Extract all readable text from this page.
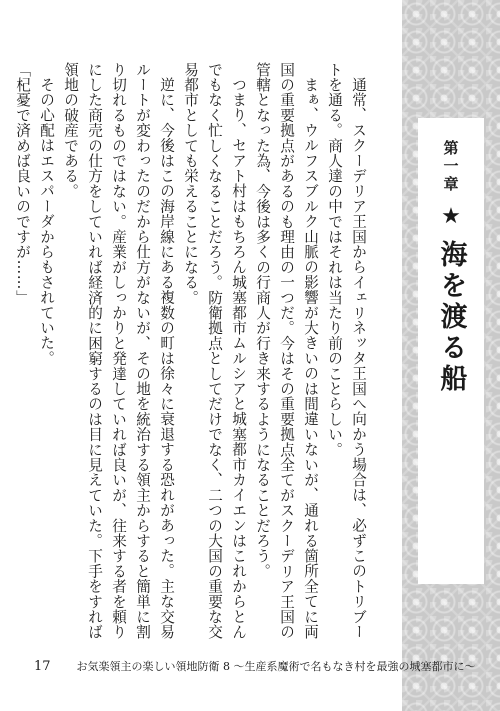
通常、スクーデリア王国からイェリネッタ王国へ向かう場合は、必ずこのトリブートを通る。商人達の中ではそれは当たり前のことらしい。

まぁ、ウルフスブルク山脈の影響が大きいのは間違いないが、通れる箇所全てに両国の重要拠点があるのも理由の一つだ。今はその重要拠点全てがスクーデリア王国の管轄となった為、今後は多くの行商人が行き来するようになることだろう。

つまり、セアト村はもちろん城塞都市ムルシアと城塞都市カイエンはこれからとんでもなく忙しくなることだろう。防衛拠点としてだけでなく、二つの大国の重要な交易都市としても栄えることになる。

逆に、今後はこの海岸線にある複数の町は徐々に衰退する恐れがあった。主な交易ルートが変わったのだから仕方がないが、その地を統治する領主からすると簡単に割り切れるものではない。産業がしっかりと発達していれば良いが、往来する者を頼りにした商売の仕方をしていれば経済的に困窮するのは目に見えていた。下手をすれば領地の破産である。

その心配はエスパーダからもされていた。

「杞憂で済めば良いのですが……」	第一章
★
海を渡る船
17 お気楽領主の楽しい領地防衛 8 ～生産系魔術で名もなき村を最強の城塞都市に～
